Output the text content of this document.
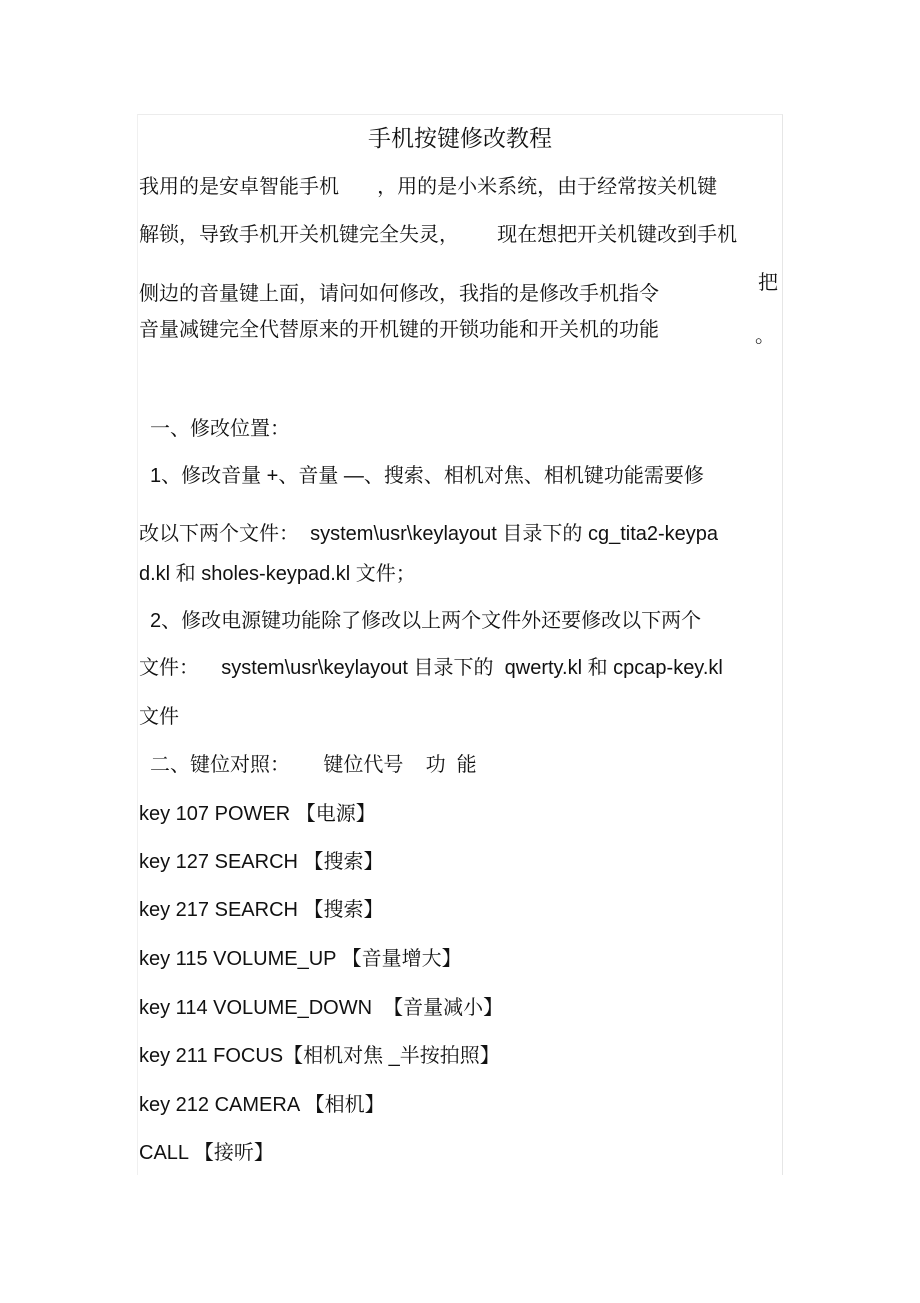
手机按键修改教程
我用的是安卓智能手机      ，用的是小米系统，由于经常按关机键
解锁，导致手机开关机键完全失灵，      现在想把开关机键改到手机
侧边的音量键上面，请问如何修改，我指的是修改手机指令	把
音量减键完全代替原来的开机键的开锁功能和开关机的功能	。
一、修改位置：
1、修改音量 +、音量 —、搜索、相机对焦、相机键功能需要修
改以下两个文件：  system\usr\keylayout 目录下的 cg_tita2-keypa
d.kl 和 sholes-keypad.kl 文件；
2、修改电源键功能除了修改以上两个文件外还要修改以下两个
文件：    system\usr\keylayout 目录下的  qwerty.kl 和 cpcap-key.kl
文件
二、键位对照：      键位代号    功  能
key 107 POWER 【电源】
key 127 SEARCH 【搜索】
key 217 SEARCH 【搜索】
key 115 VOLUME_UP 【音量增大】
key 114 VOLUME_DOWN  【音量减小】
key 211 FOCUS【相机对焦 _半按拍照】
key 212 CAMERA 【相机】
CALL 【接听】
